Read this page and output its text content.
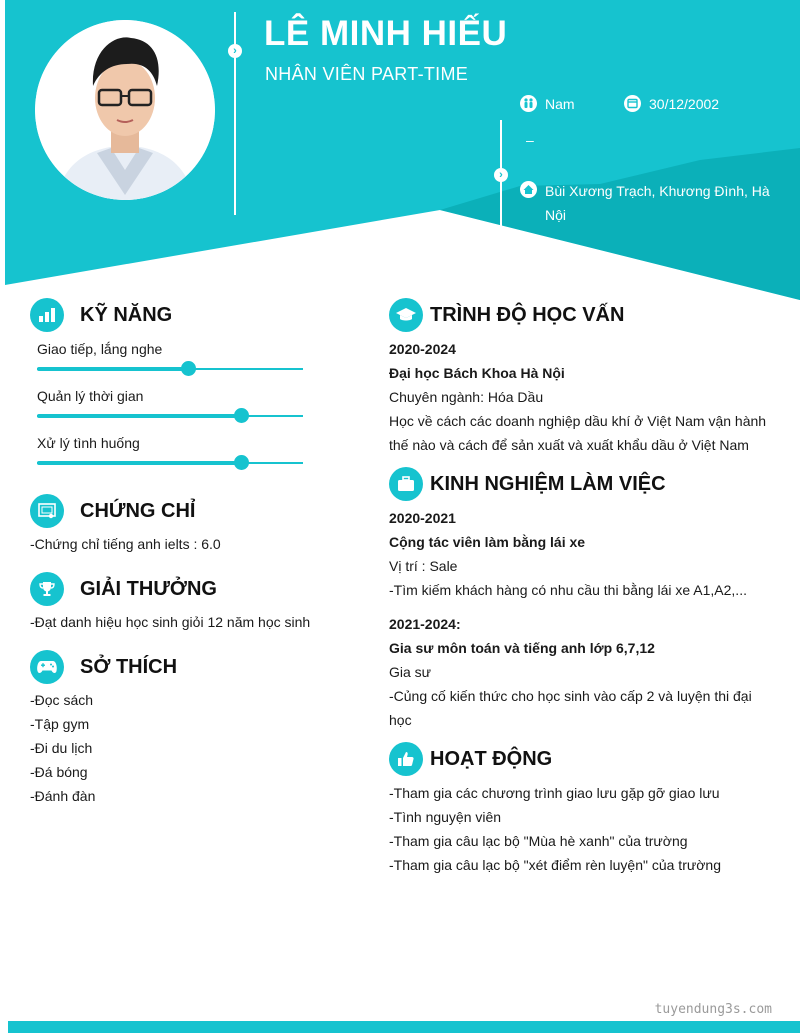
›
›
LÊ MINH HIẾU
NHÂN VIÊN PART-TIME
Nam	30/12/2002
–
Bùi Xương Trạch, Khương Đình, Hà
Nội
KỸ NĂNG
Giao tiếp, lắng nghe
Quản lý thời gian
Xử lý tình huống
CHỨNG CHỈ
-Chứng chỉ tiếng anh ielts : 6.0
GIẢI THƯỞNG
-Đạt danh hiệu học sinh giỏi 12 năm học sinh
SỞ THÍCH
-Đọc sách
-Tập gym
-Đi du lịch
-Đá bóng
-Đánh đàn
TRÌNH ĐỘ HỌC VẤN
2020-2024
Đại học Bách Khoa Hà Nội
Chuyên ngành: Hóa Dầu
Học về cách các doanh nghiệp dầu khí ở Việt Nam vận hành
thế nào và cách để sản xuất và xuất khẩu dầu ở Việt Nam
KINH NGHIỆM LÀM VIỆC
2020-2021
Cộng tác viên làm bằng lái xe
Vị trí : Sale
-Tìm kiếm khách hàng có nhu cầu thi bằng lái xe A1,A2,...
2021-2024:
Gia sư môn toán và tiếng anh lớp 6,7,12
Gia sư
-Củng cố kiến thức cho học sinh vào cấp 2 và luyện thi đại
học
HOẠT ĐỘNG
-Tham gia các chương trình giao lưu gặp gỡ giao lưu
-Tình nguyện viên
-Tham gia câu lạc bộ "Mùa hè xanh" của trường
-Tham gia câu lạc bộ "xét điểm rèn luyện" của trường
tuyendung3s.com
